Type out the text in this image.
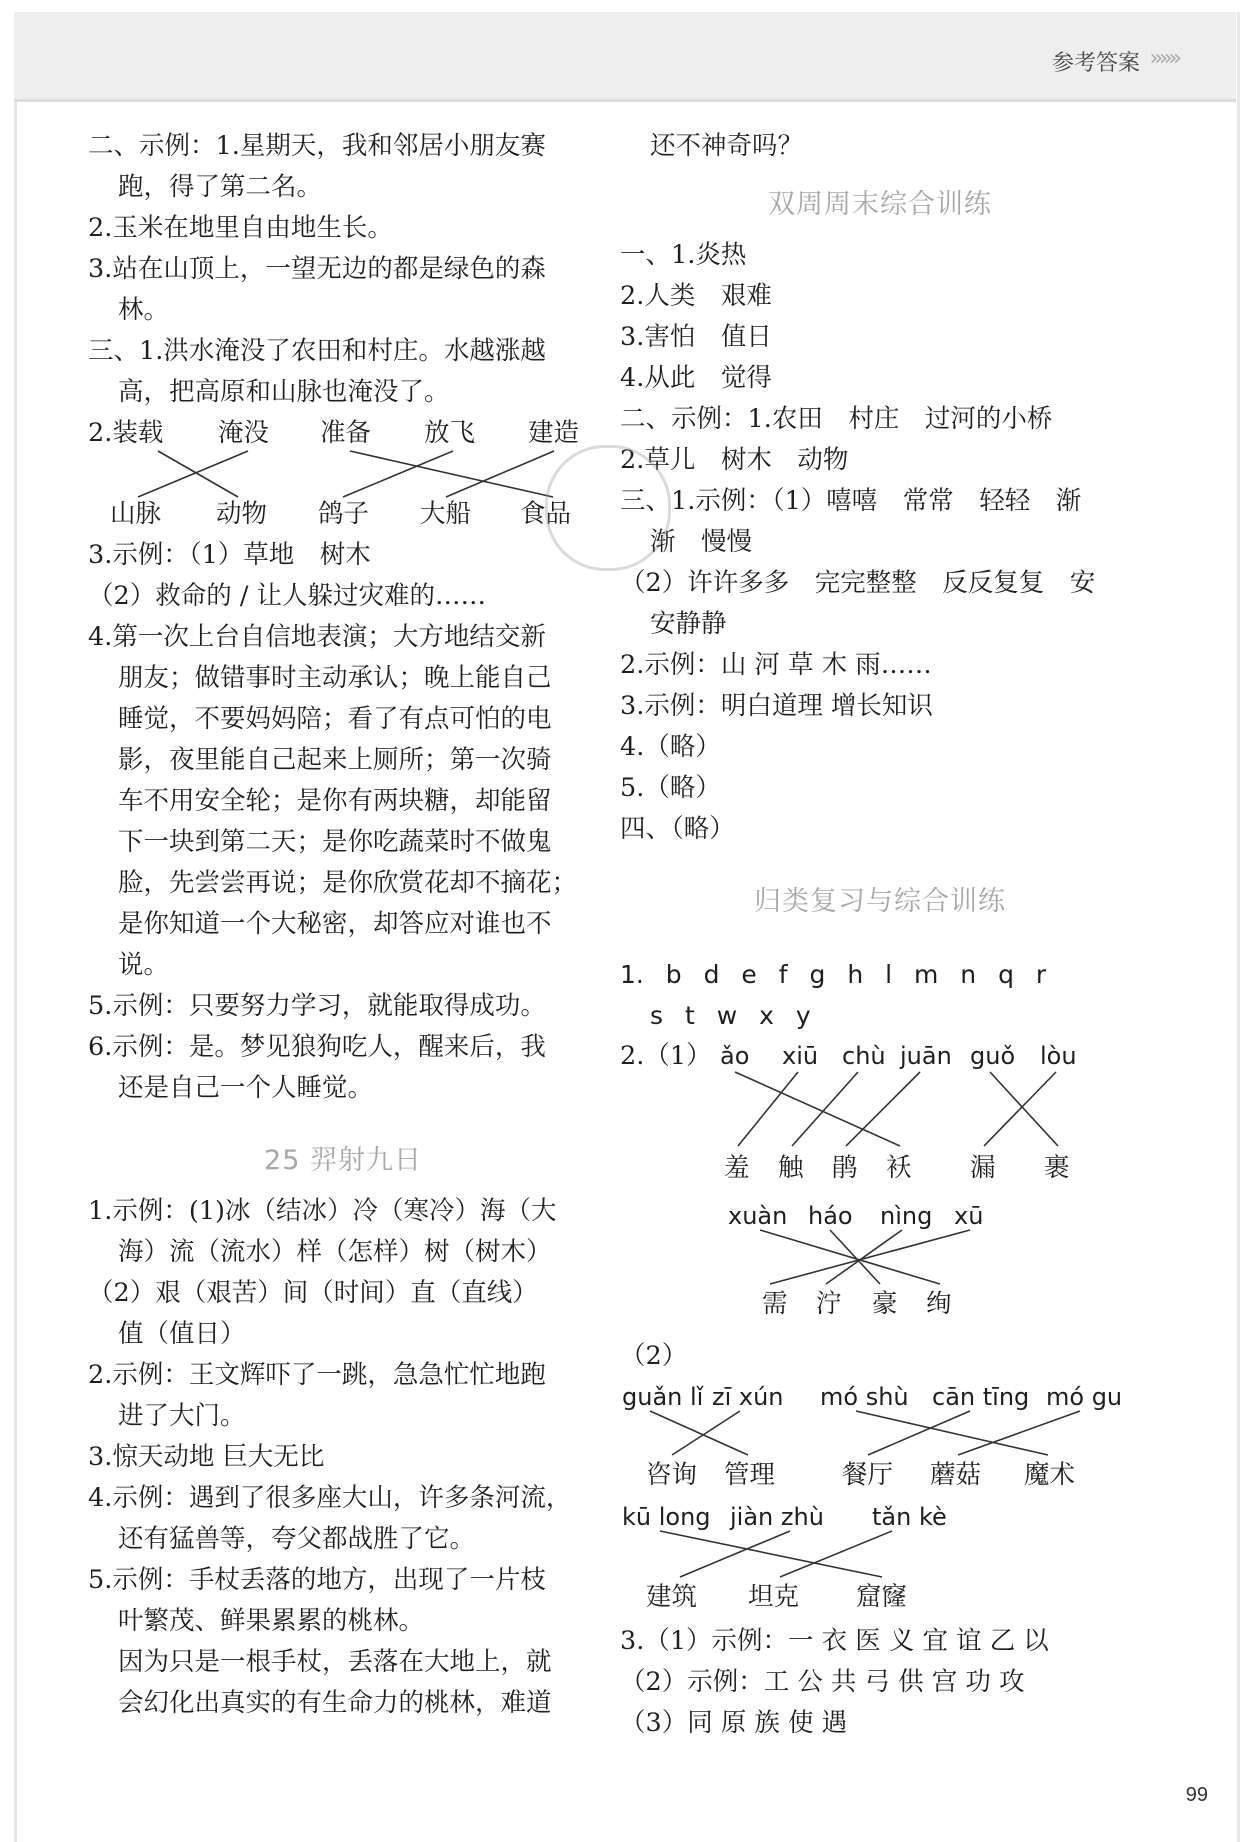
参考答案 »»»
二、示例：1.星期天，我和邻居小朋友赛
跑，得了第二名。
2.玉米在地里自由地生长。
3.站在山顶上，一望无边的都是绿色的森
林。
三、1.洪水淹没了农田和村庄。水越涨越
高，把高原和山脉也淹没了。
2.装载 淹没 准备 放飞 建造
山脉 动物 鸽子 大船 食品
3.示例：（1）草地　树木
（2）救命的 / 让人躲过灾难的……
4.第一次上台自信地表演；大方地结交新
朋友；做错事时主动承认；晚上能自己
睡觉，不要妈妈陪；看了有点可怕的电
影，夜里能自己起来上厕所；第一次骑
车不用安全轮；是你有两块糖，却能留
下一块到第二天；是你吃蔬菜时不做鬼
脸，先尝尝再说；是你欣赏花却不摘花；
是你知道一个大秘密，却答应对谁也不
说。
5.示例：只要努力学习，就能取得成功。
6.示例：是。梦见狼狗吃人，醒来后，我
还是自己一个人睡觉。
25 羿射九日
1.示例：(1)冰（结冰）冷（寒冷）海（大
海）流（流水）样（怎样）树（树木）
（2）艰（艰苦）间（时间）直（直线）
值（值日）
2.示例：王文辉吓了一跳，急急忙忙地跑
进了大门。
3.惊天动地 巨大无比
4.示例：遇到了很多座大山，许多条河流，
还有猛兽等，夸父都战胜了它。
5.示例：手杖丢落的地方，出现了一片枝
叶繁茂、鲜果累累的桃林。
因为只是一根手杖，丢落在大地上，就
会幻化出真实的有生命力的桃林，难道
还不神奇吗？
双周周末综合训练
一、1.炎热
2.人类　艰难
3.害怕　值日
4.从此　觉得
二、示例：1.农田　村庄　过河的小桥
2.草儿　树木　动物
三、1.示例：（1）嘻嘻　常常　轻轻　渐
渐　慢慢
（2）许许多多　完完整整　反反复复　安
安静静
2.示例：山 河 草 木 雨……
3.示例：明白道理 增长知识
4.（略）
5.（略）
四、（略）
归类复习与综合训练
1. b d e f g h l m n q r
s t w x y
2.（1） ǎo xiū chù juān guǒ lòu
羞 触 鹃 袄 漏 裹
xuàn háo nìng xū
需 泞 豪 绚
（2）
guǎn lǐ zī xún mó shù cān tīng mó gu
咨询 管理	餐厅 蘑菇 魔术
kū long jiàn zhù tǎn kè
建筑 坦克 窟窿
3.（1）示例：一 衣 医 义 宜 谊 乙 以
（2）示例：工 公 共 弓 供 宫 功 攻
（3）同 原 族 使 遇
99
